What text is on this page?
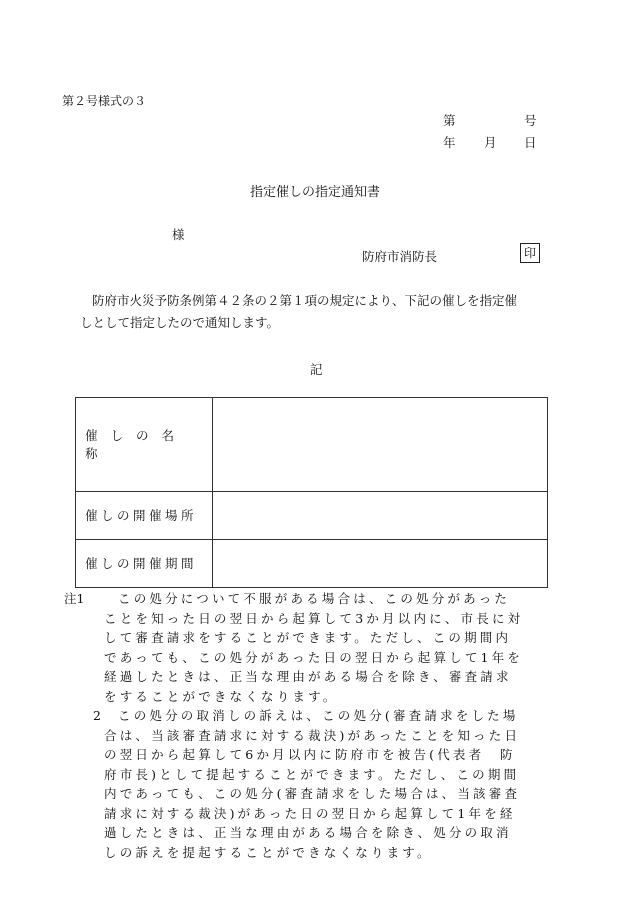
第２号様式の３
第	号
年 月 日
指定催しの指定通知書
様
防府市消防長	印
防府市火災予防条例第４２条の２第１項の規定により、下記の催しを指定催
しとして指定したので通知します。
記
催しの名称	

催しの開催場所	

催しの開催期間	

注1	この処分について不服がある場合は、この処分があった
ことを知った日の翌日から起算して3か月以内に、市長に対
して審査請求をすることができます。ただし、この期間内
であっても、この処分があった日の翌日から起算して1年を
経過したときは、正当な理由がある場合を除き、審査請求
をすることができなくなります。
2 この処分の取消しの訴えは、この処分(審査請求をした場
合は、当該審査請求に対する裁決)があったことを知った日
の翌日から起算して6か月以内に防府市を被告(代表者　防
府市長)として提起することができます。ただし、この期間
内であっても、この処分(審査請求をした場合は、当該審査
請求に対する裁決)があった日の翌日から起算して1年を経
過したときは、正当な理由がある場合を除き、処分の取消
しの訴えを提起することができなくなります。
